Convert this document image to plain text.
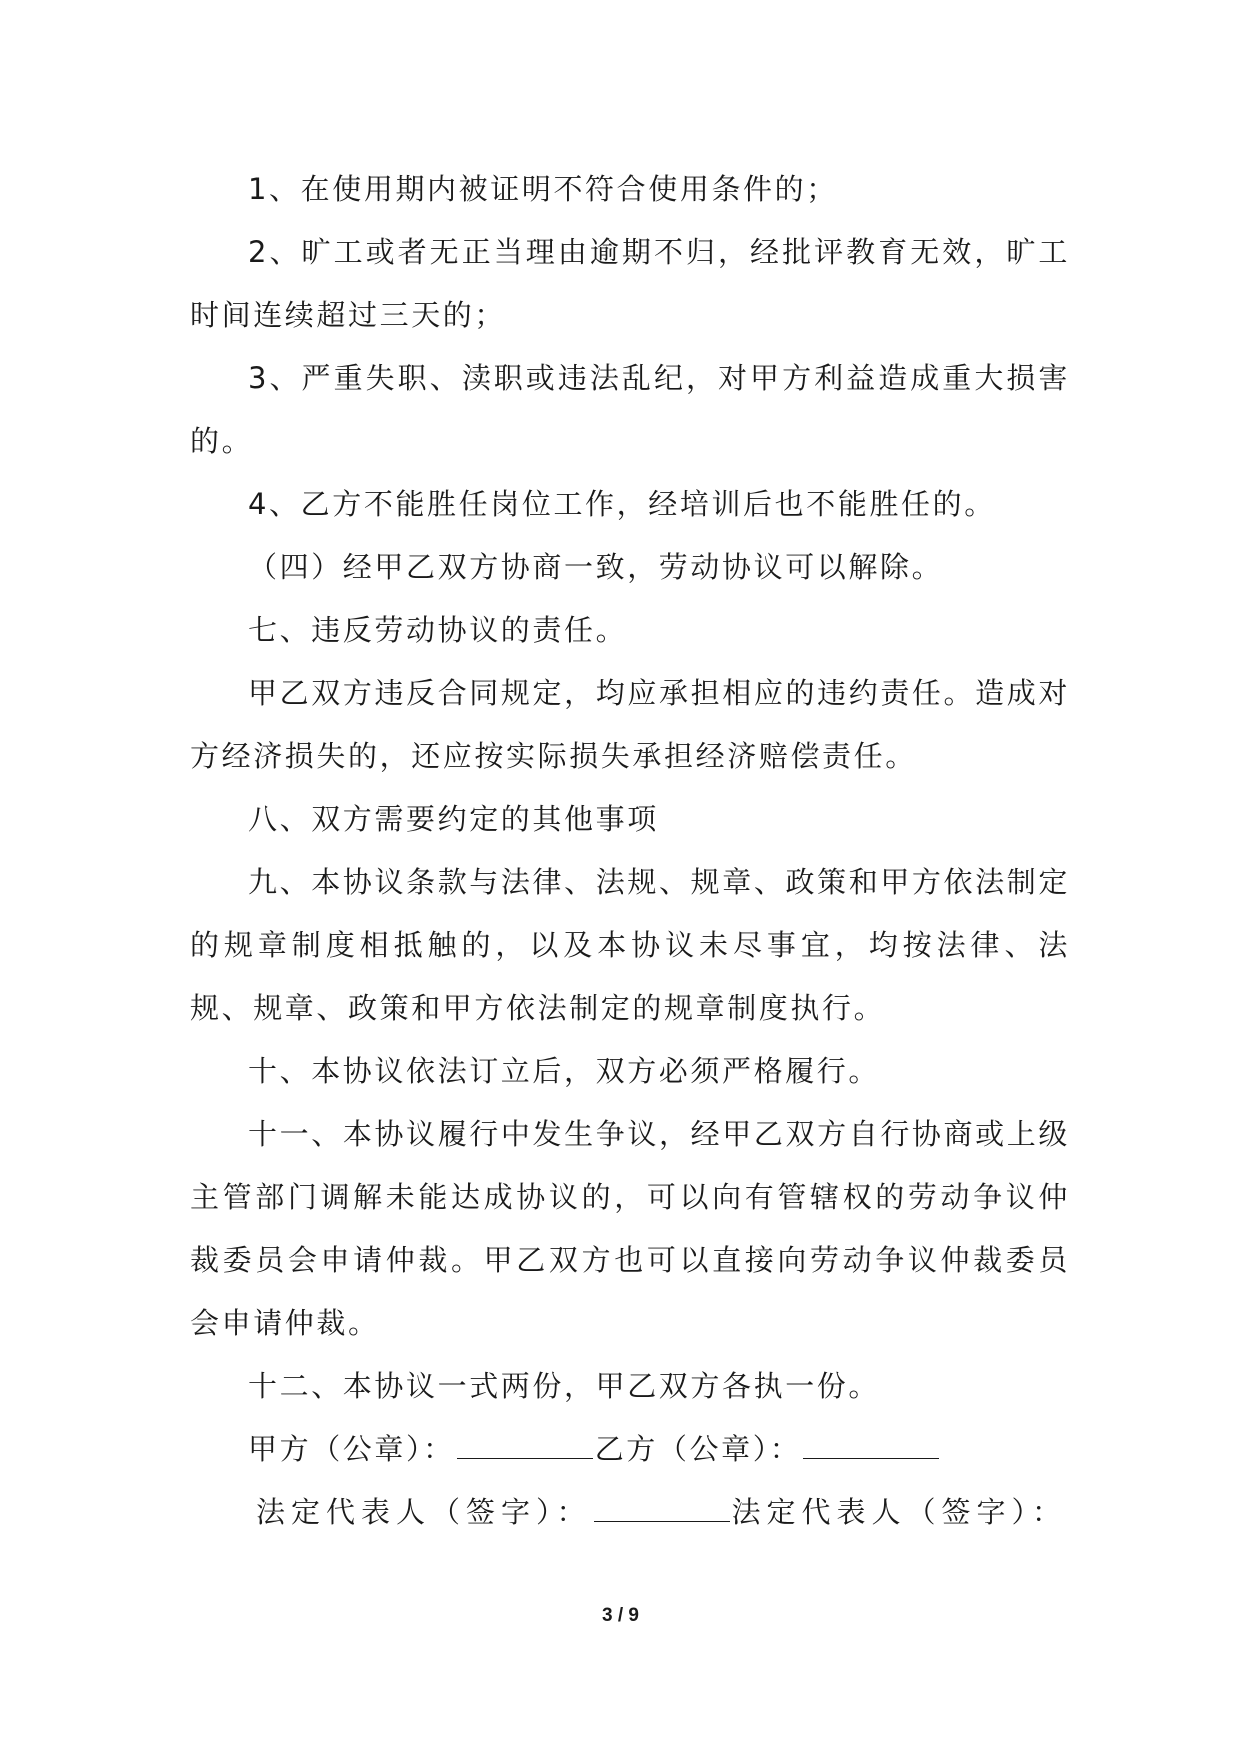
1、在使用期内被证明不符合使用条件的；

2、旷工或者无正当理由逾期不归，经批评教育无效，旷工时间连续超过三天的；

3、严重失职、渎职或违法乱纪，对甲方利益造成重大损害的。

4、乙方不能胜任岗位工作，经培训后也不能胜任的。

（四）经甲乙双方协商一致，劳动协议可以解除。

七、违反劳动协议的责任。

甲乙双方违反合同规定，均应承担相应的违约责任。造成对方经济损失的，还应按实际损失承担经济赔偿责任。

八、双方需要约定的其他事项

九、本协议条款与法律、法规、规章、政策和甲方依法制定的规章制度相抵触的，以及本协议未尽事宜，均按法律、法规、规章、政策和甲方依法制定的规章制度执行。

十、本协议依法订立后，双方必须严格履行。

十一、本协议履行中发生争议，经甲乙双方自行协商或上级主管部门调解未能达成协议的，可以向有管辖权的劳动争议仲裁委员会申请仲裁。甲乙双方也可以直接向劳动争议仲裁委员会申请仲裁。

十二、本协议一式两份，甲乙双方各执一份。

甲方（公章）：	乙方（公章）：
法定代表人（签字）：	法定代表人（签字）：
3 / 9
